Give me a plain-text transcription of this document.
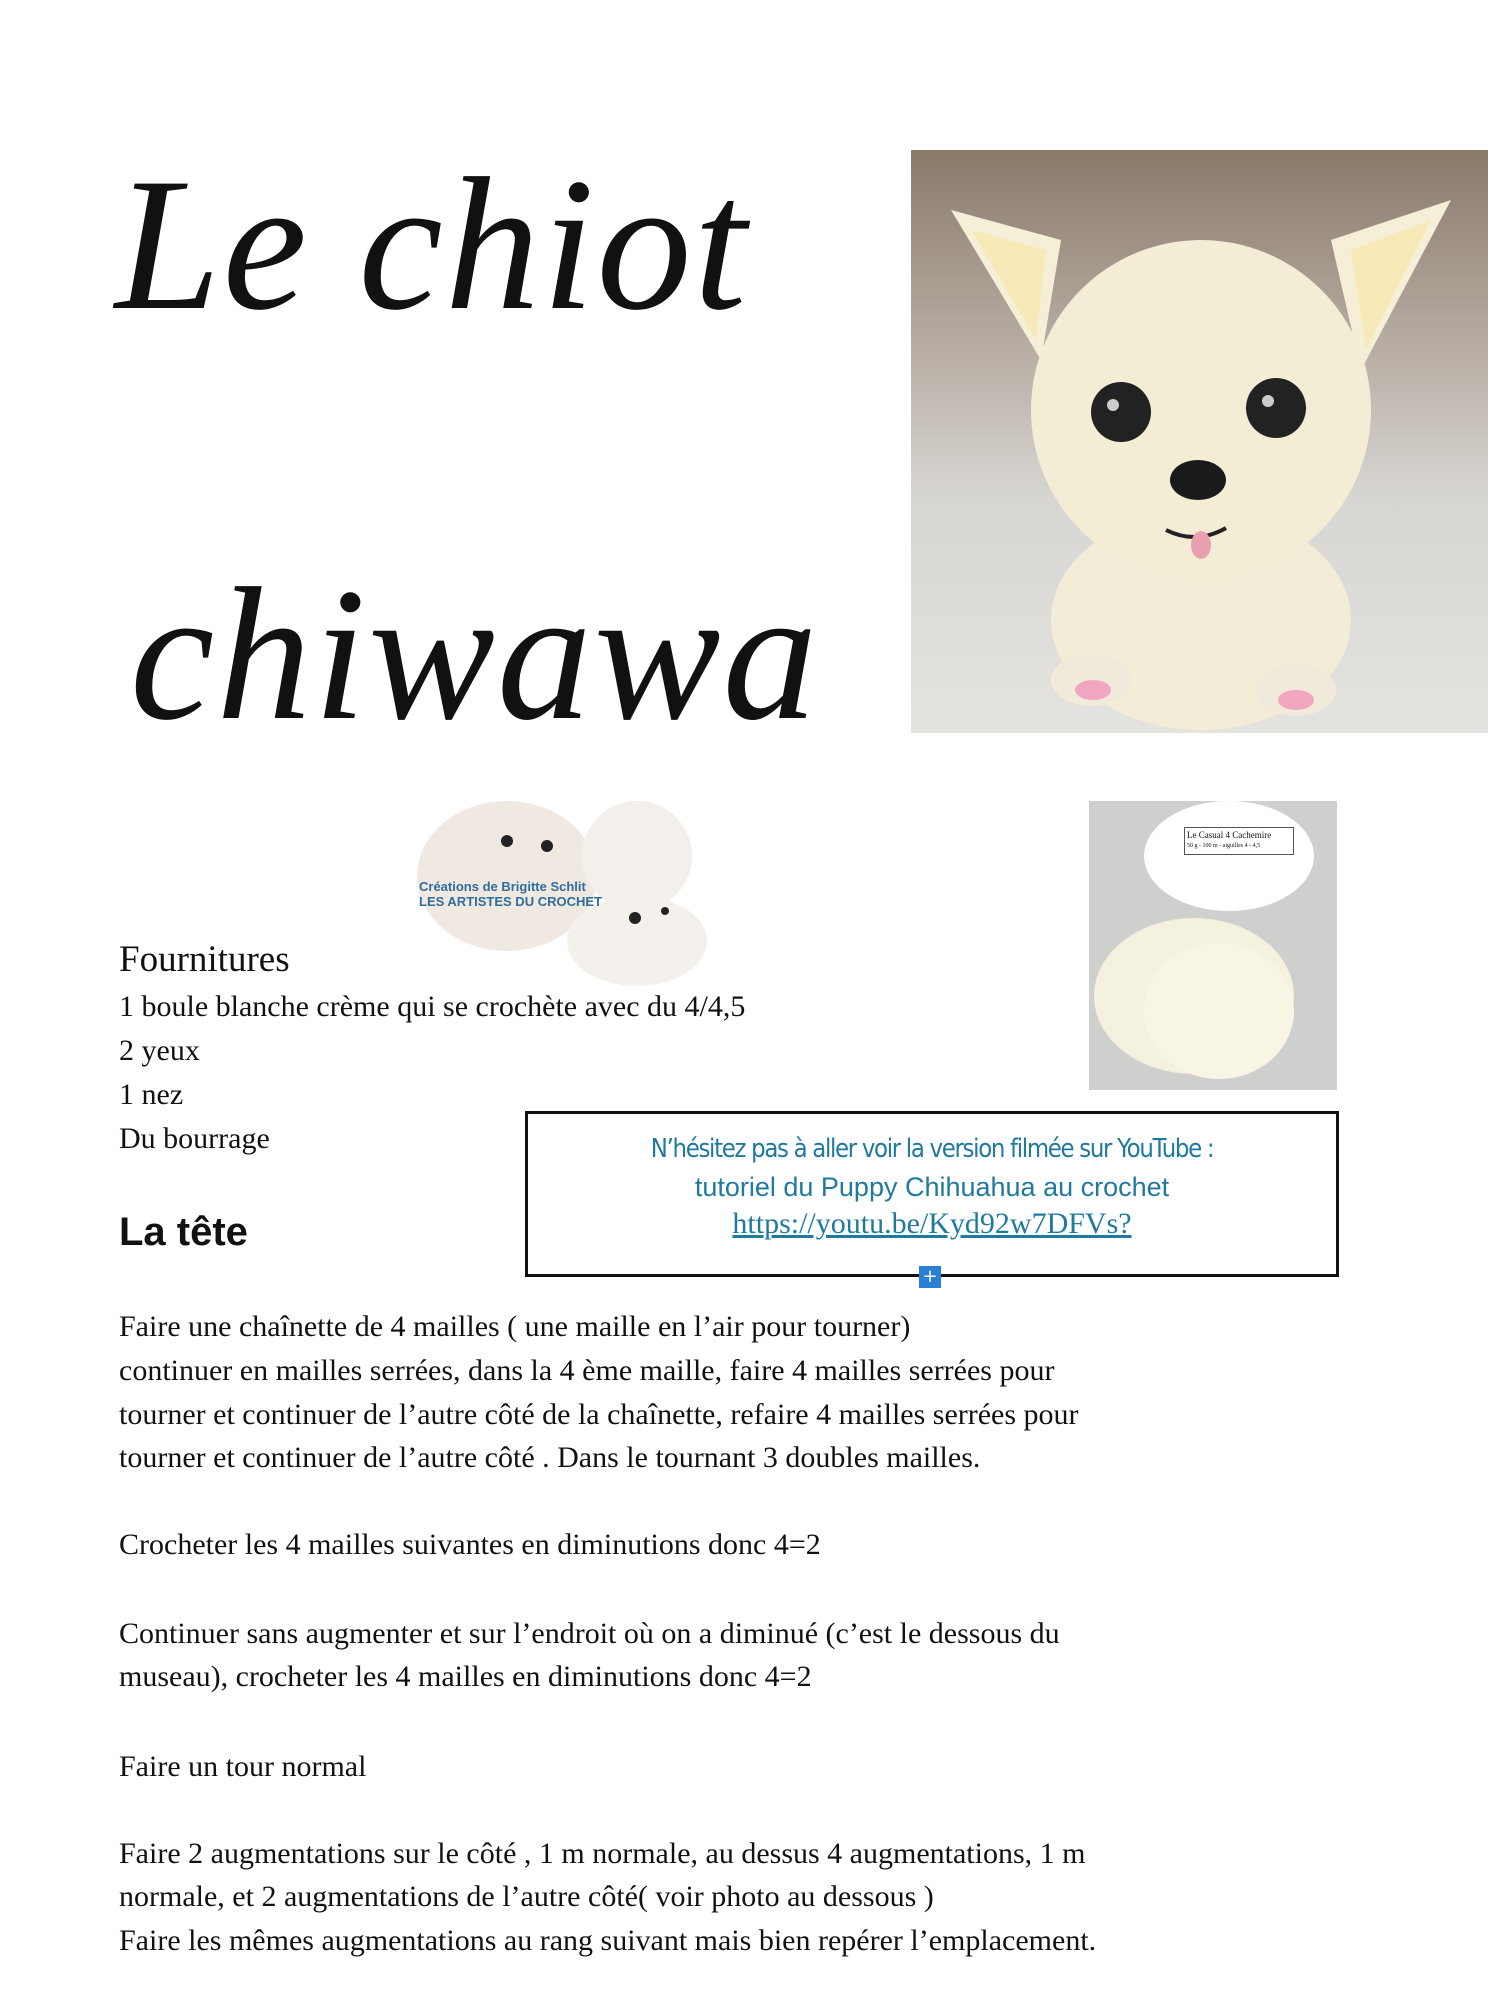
Le chiot
chiwawa
Créations de Brigitte Schlit
LES ARTISTES DU CROCHET
Le Casual 4 Cachemire
50 g - 100 m - aiguilles 4 - 4,5
Fournitures
1 boule blanche crème qui se crochète avec du 4/4,5
2 yeux
1 nez
Du bourrage	N’hésitez pas à aller voir la version filmée sur YouTube :
tutoriel du Puppy Chihuahua au crochet
https://youtu.be/Kyd92w7DFVs?
+
La tête
Faire une chaînette de 4 mailles ( une maille en l’air pour tourner)
continuer en mailles serrées, dans la 4 ème maille, faire 4 mailles serrées pour
tourner et continuer de l’autre côté de la chaînette, refaire 4 mailles serrées pour
tourner et continuer de l’autre côté . Dans le tournant 3 doubles mailles.
Crocheter les 4 mailles suivantes en diminutions donc 4=2
Continuer sans augmenter et sur l’endroit où on a diminué (c’est le dessous du
museau), crocheter les 4 mailles en diminutions donc 4=2
Faire un tour normal
Faire 2 augmentations sur le côté , 1 m normale, au dessus 4 augmentations, 1 m
normale, et 2 augmentations de l’autre côté( voir photo au dessous )
Faire les mêmes augmentations au rang suivant mais bien repérer l’emplacement.
